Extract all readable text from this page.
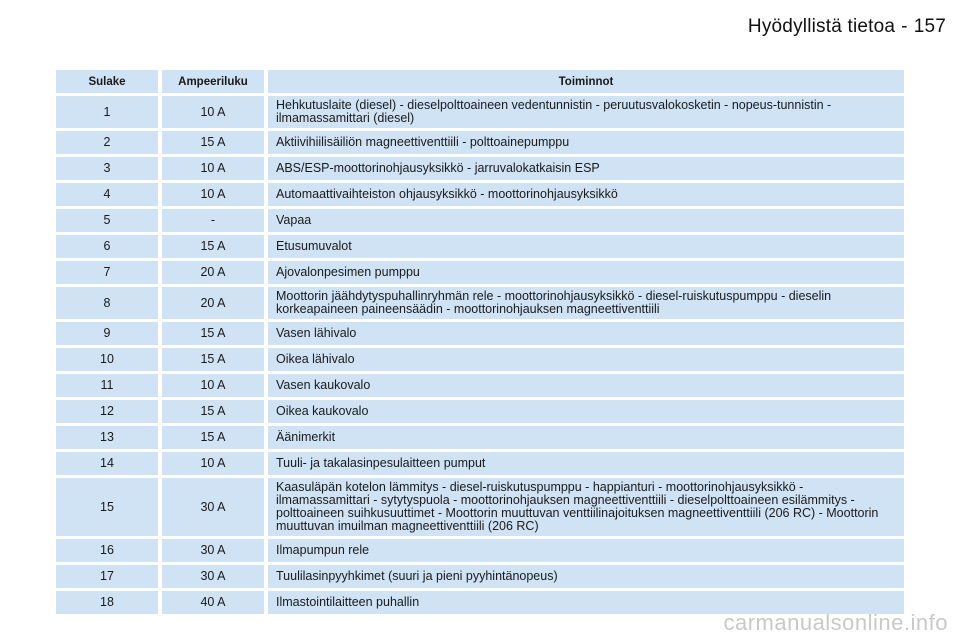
Hyödyllistä tietoa - 157
Sulake	Ampeeriluku	Toiminnot
1	10 A	Hehkutuslaite (diesel) - dieselpolttoaineen vedentunnistin - peruutusvalokosketin - nopeus-tunnistin - ilmamassamittari (diesel)
2	15 A	Aktiivihiilisäiliön magneettiventtiili - polttoainepumppu
3	10 A	ABS/ESP-moottorinohjausyksikkö - jarruvalokatkaisin ESP
4	10 A	Automaattivaihteiston ohjausyksikkö - moottorinohjausyksikkö
5	-	Vapaa
6	15 A	Etusumuvalot
7	20 A	Ajovalonpesimen pumppu
8	20 A	Moottorin jäähdytyspuhallinryhmän rele - moottorinohjausyksikkö - diesel-ruiskutuspumppu - dieselin korkeapaineen paineensäädin - moottorinohjauksen magneettiventtiili
9	15 A	Vasen lähivalo
10	15 A	Oikea lähivalo
11	10 A	Vasen kaukovalo
12	15 A	Oikea kaukovalo
13	15 A	Äänimerkit
14	10 A	Tuuli- ja takalasinpesulaitteen pumput
15	30 A	Kaasuläpän kotelon lämmitys - diesel-ruiskutuspumppu - happianturi - moottorinohjausyksikkö - ilmamassamittari - sytytyspuola - moottorinohjauksen magneettiventtiili - dieselpolttoaineen esilämmitys - polttoaineen suihkusuuttimet - Moottorin muuttuvan venttiilinajoituksen magneettiventtiili (206 RC) - Moottorin muuttuvan imuilman magneettiventtiili (206 RC)
16	30 A	Ilmapumpun rele
17	30 A	Tuulilasinpyyhkimet (suuri ja pieni pyyhintänopeus)
18	40 A	Ilmastointilaitteen puhallin
carmanualsonline.info
